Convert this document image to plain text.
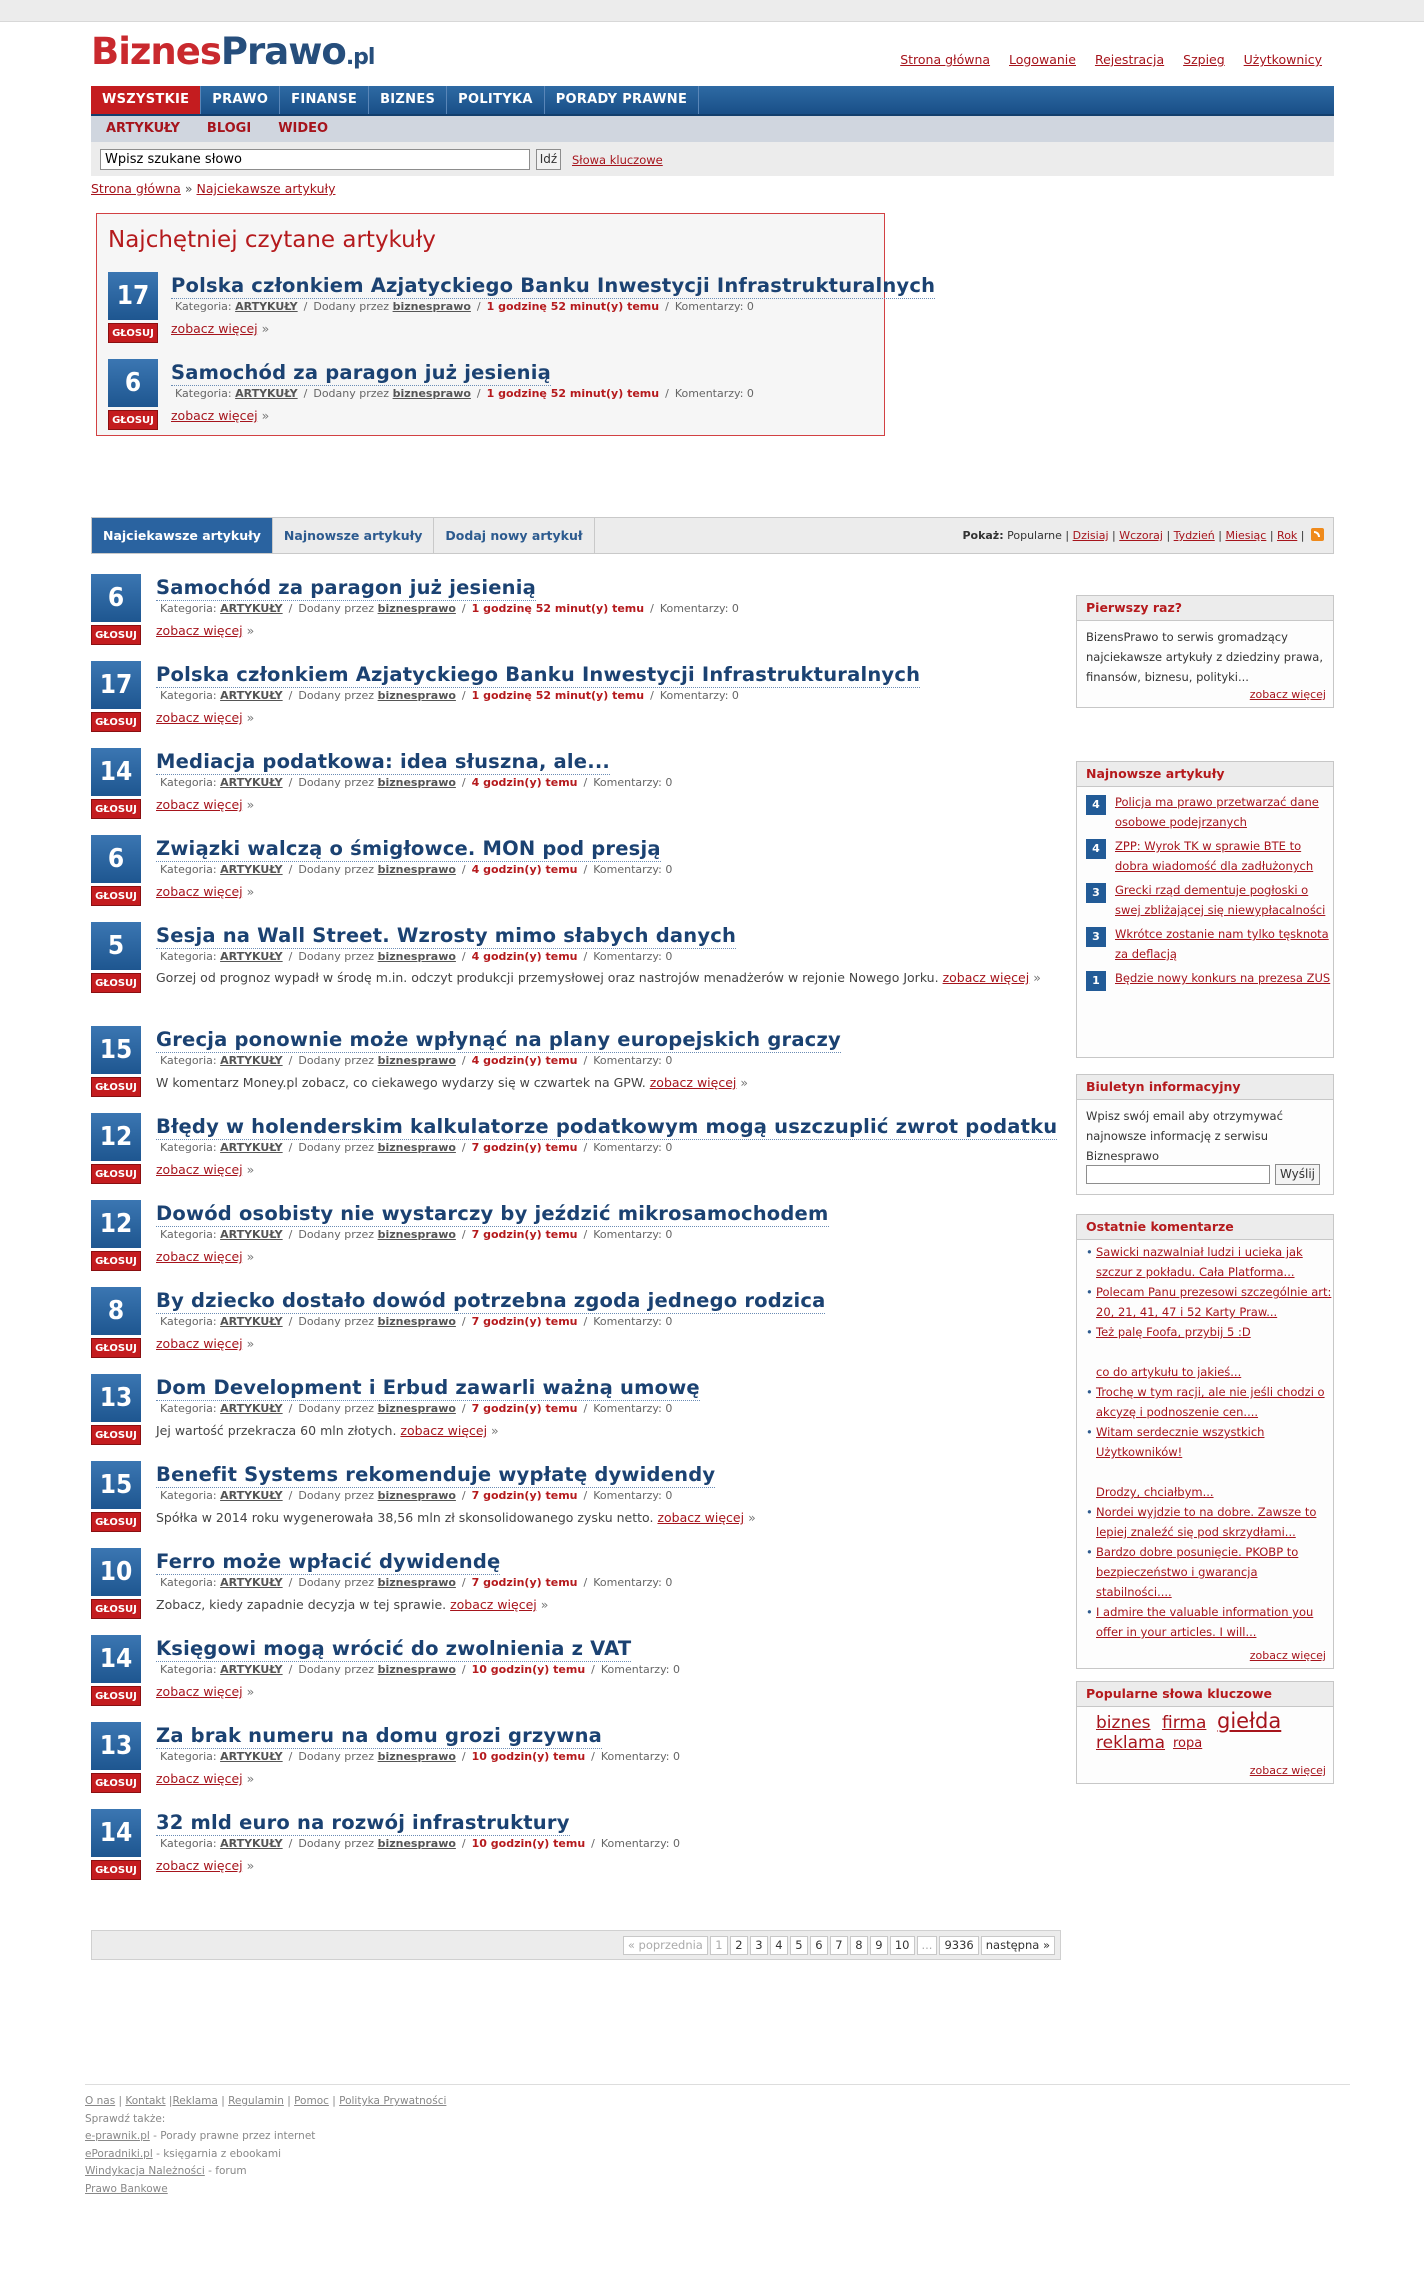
BiznesPrawo.pl	Strona główna Logowanie Rejestracja Szpieg Użytkownicy
WSZYSTKIE	PRAWO	FINANSE	BIZNES	POLITYKA	PORADY PRAWNE
ARTYKUŁY BLOGI WIDEO
Wpisz szukane słowo
Idź	Słowa kluczowe
Strona główna » Najciekawsze artykuły
Najchętniej czytane artykuły
17
GŁOSUJ
Polska członkiem Azjatyckiego Banku Inwestycji Infrastrukturalnych
Kategoria: ARTYKUŁY / Dodany przez biznesprawo / 1 godzinę 52 minut(y) temu / Komentarzy: 0
zobacz więcej »
6
GŁOSUJ
Samochód za paragon już jesienią
Kategoria: ARTYKUŁY / Dodany przez biznesprawo / 1 godzinę 52 minut(y) temu / Komentarzy: 0
zobacz więcej »
Najciekawsze artykuły	Najnowsze artykuły	Dodaj nowy artykuł	Pokaż: Popularne | Dzisiaj | Wczoraj | Tydzień | Miesiąc | Rok |
6
GŁOSUJ
Samochód za paragon już jesienią
Kategoria: ARTYKUŁY / Dodany przez biznesprawo / 1 godzinę 52 minut(y) temu / Komentarzy: 0
zobacz więcej »
17
GŁOSUJ
Polska członkiem Azjatyckiego Banku Inwestycji Infrastrukturalnych
Kategoria: ARTYKUŁY / Dodany przez biznesprawo / 1 godzinę 52 minut(y) temu / Komentarzy: 0
zobacz więcej »
14
GŁOSUJ
Mediacja podatkowa: idea słuszna, ale...
Kategoria: ARTYKUŁY / Dodany przez biznesprawo / 4 godzin(y) temu / Komentarzy: 0
zobacz więcej »
6
GŁOSUJ
Związki walczą o śmigłowce. MON pod presją
Kategoria: ARTYKUŁY / Dodany przez biznesprawo / 4 godzin(y) temu / Komentarzy: 0
zobacz więcej »
5
GŁOSUJ
Sesja na Wall Street. Wzrosty mimo słabych danych
Kategoria: ARTYKUŁY / Dodany przez biznesprawo / 4 godzin(y) temu / Komentarzy: 0
Gorzej od prognoz wypadł w środę m.in. odczyt produkcji przemysłowej oraz nastrojów menadżerów w rejonie Nowego Jorku. zobacz więcej »
15
GŁOSUJ
Grecja ponownie może wpłynąć na plany europejskich graczy
Kategoria: ARTYKUŁY / Dodany przez biznesprawo / 4 godzin(y) temu / Komentarzy: 0
W komentarz Money.pl zobacz, co ciekawego wydarzy się w czwartek na GPW. zobacz więcej »
12
GŁOSUJ
Błędy w holenderskim kalkulatorze podatkowym mogą uszczuplić zwrot podatku
Kategoria: ARTYKUŁY / Dodany przez biznesprawo / 7 godzin(y) temu / Komentarzy: 0
zobacz więcej »
12
GŁOSUJ
Dowód osobisty nie wystarczy by jeździć mikrosamochodem
Kategoria: ARTYKUŁY / Dodany przez biznesprawo / 7 godzin(y) temu / Komentarzy: 0
zobacz więcej »
8
GŁOSUJ
By dziecko dostało dowód potrzebna zgoda jednego rodzica
Kategoria: ARTYKUŁY / Dodany przez biznesprawo / 7 godzin(y) temu / Komentarzy: 0
zobacz więcej »
13
GŁOSUJ
Dom Development i Erbud zawarli ważną umowę
Kategoria: ARTYKUŁY / Dodany przez biznesprawo / 7 godzin(y) temu / Komentarzy: 0
Jej wartość przekracza 60 mln złotych. zobacz więcej »
15
GŁOSUJ
Benefit Systems rekomenduje wypłatę dywidendy
Kategoria: ARTYKUŁY / Dodany przez biznesprawo / 7 godzin(y) temu / Komentarzy: 0
Spółka w 2014 roku wygenerowała 38,56 mln zł skonsolidowanego zysku netto. zobacz więcej »
10
GŁOSUJ
Ferro może wpłacić dywidendę
Kategoria: ARTYKUŁY / Dodany przez biznesprawo / 7 godzin(y) temu / Komentarzy: 0
Zobacz, kiedy zapadnie decyzja w tej sprawie. zobacz więcej »
14
GŁOSUJ
Księgowi mogą wrócić do zwolnienia z VAT
Kategoria: ARTYKUŁY / Dodany przez biznesprawo / 10 godzin(y) temu / Komentarzy: 0
zobacz więcej »
13
GŁOSUJ
Za brak numeru na domu grozi grzywna
Kategoria: ARTYKUŁY / Dodany przez biznesprawo / 10 godzin(y) temu / Komentarzy: 0
zobacz więcej »
14
GŁOSUJ
32 mld euro na rozwój infrastruktury
Kategoria: ARTYKUŁY / Dodany przez biznesprawo / 10 godzin(y) temu / Komentarzy: 0
zobacz więcej »
« poprzednia 1 2 3 4 5 6 7 8 9 10 ... 9336 następna »
Pierwszy raz?
BizensPrawo to serwis gromadzący najciekawsze artykuły z dziedziny prawa, finansów, biznesu, polityki...
zobacz więcej
Najnowsze artykuły
4	Policja ma prawo przetwarzać dane osobowe podejrzanych
4	ZPP: Wyrok TK w sprawie BTE to dobra wiadomość dla zadłużonych
3	Grecki rząd dementuje pogłoski o swej zbliżającej się niewypłacalności
3	Wkrótce zostanie nam tylko tęsknota za deflacją
1	Będzie nowy konkurs na prezesa ZUS
Biuletyn informacyjny
Wpisz swój email aby otrzymywać najnowsze informację z serwisu Biznesprawo
Wyślij
Ostatnie komentarze
• Sawicki nazwalniał ludzi i ucieka jak szczur z pokładu. Cała Platforma...
• Polecam Panu prezesowi szczególnie art: 20, 21, 41, 47 i 52 Karty Praw...
• Też palę Foofa, przybij 5 :D
co do artykułu to jakieś...
• Trochę w tym racji, ale nie jeśli chodzi o akcyzę i podnoszenie cen....
• Witam serdecznie wszystkich Użytkowników!
Drodzy, chciałbym...
• Nordei wyjdzie to na dobre. Zawsze to lepiej znaleźć się pod skrzydłami...
• Bardzo dobre posunięcie. PKOBP to bezpieczeństwo i gwarancja stabilności....
• I admire the valuable information you offer in your articles. I will...
zobacz więcej
Popularne słowa kluczowe
biznes firma giełda
reklama ropa
zobacz więcej
O nas | Kontakt |Reklama | Regulamin | Pomoc | Polityka Prywatności
Sprawdź także:
e-prawnik.pl - Porady prawne przez internet
ePoradniki.pl - księgarnia z ebookami
Windykacja Należności - forum
Prawo Bankowe
